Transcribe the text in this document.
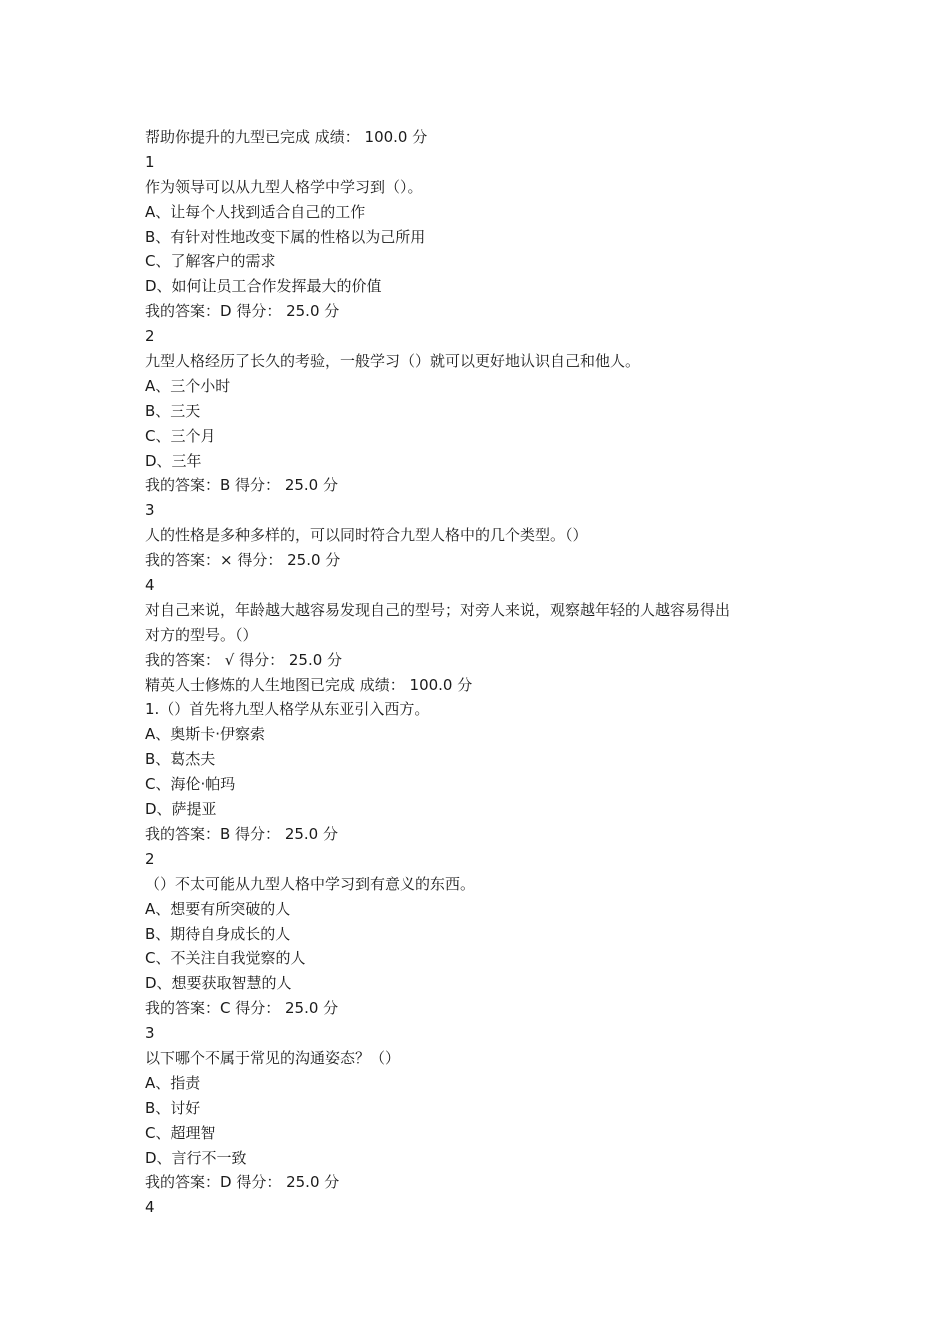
帮助你提升的九型已完成 成绩： 100.0 分
1
作为领导可以从九型人格学中学习到（）。
A、让每个人找到适合自己的工作
B、有针对性地改变下属的性格以为己所用
C、了解客户的需求
D、如何让员工合作发挥最大的价值
我的答案：D 得分： 25.0 分
2
九型人格经历了长久的考验，一般学习（）就可以更好地认识自己和他人。
A、三个小时
B、三天
C、三个月
D、三年
我的答案：B 得分： 25.0 分
3
人的性格是多种多样的，可以同时符合九型人格中的几个类型。（）
我的答案：× 得分： 25.0 分
4
对自己来说，年龄越大越容易发现自己的型号；对旁人来说，观察越年轻的人越容易得出
对方的型号。（）
我的答案： √ 得分： 25.0 分
精英人士修炼的人生地图已完成 成绩： 100.0 分
1.（）首先将九型人格学从东亚引入西方。
A、奥斯卡·伊察索
B、葛杰夫
C、海伦·帕玛
D、萨提亚
我的答案：B 得分： 25.0 分
2
（）不太可能从九型人格中学习到有意义的东西。
A、想要有所突破的人
B、期待自身成长的人
C、不关注自我觉察的人
D、想要获取智慧的人
我的答案：C 得分： 25.0 分
3
以下哪个不属于常见的沟通姿态？（）
A、指责
B、讨好
C、超理智
D、言行不一致
我的答案：D 得分： 25.0 分
4
